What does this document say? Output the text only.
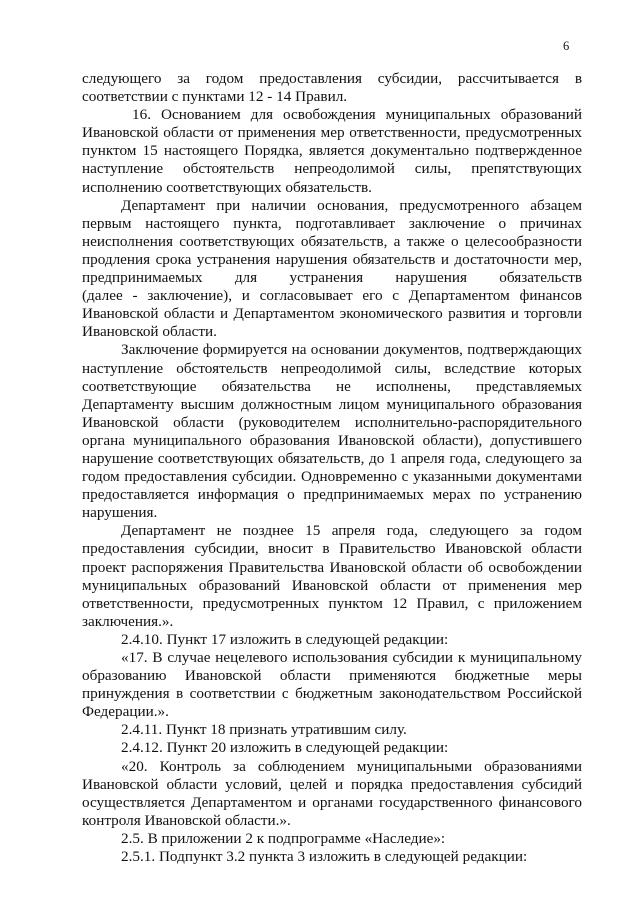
6
следующего за годом предоставления субсидии, рассчитывается в
соответствии с пунктами 12 - 14 Правил.
16. Основанием для освобождения муниципальных образований
Ивановской области от применения мер ответственности, предусмотренных
пунктом 15 настоящего Порядка, является документально подтвержденное
наступление обстоятельств непреодолимой силы, препятствующих
исполнению соответствующих обязательств.
Департамент при наличии основания, предусмотренного абзацем
первым настоящего пункта, подготавливает заключение о причинах
неисполнения соответствующих обязательств, а также о целесообразности
продления срока устранения нарушения обязательств и достаточности мер,
предпринимаемых для устранения нарушения обязательств
(далее - заключение), и согласовывает его с Департаментом финансов
Ивановской области и Департаментом экономического развития и торговли
Ивановской области.
Заключение формируется на основании документов, подтверждающих
наступление обстоятельств непреодолимой силы, вследствие которых
соответствующие обязательства не исполнены, представляемых
Департаменту высшим должностным лицом муниципального образования
Ивановской области (руководителем исполнительно-распорядительного
органа муниципального образования Ивановской области), допустившего
нарушение соответствующих обязательств, до 1 апреля года, следующего за
годом предоставления субсидии. Одновременно с указанными документами
предоставляется информация о предпринимаемых мерах по устранению
нарушения.
Департамент не позднее 15 апреля года, следующего за годом
предоставления субсидии, вносит в Правительство Ивановской области
проект распоряжения Правительства Ивановской области об освобождении
муниципальных образований Ивановской области от применения мер
ответственности, предусмотренных пунктом 12 Правил, с приложением
заключения.».
2.4.10. Пункт 17 изложить в следующей редакции:
«17. В случае нецелевого использования субсидии к муниципальному
образованию Ивановской области применяются бюджетные меры
принуждения в соответствии с бюджетным законодательством Российской
Федерации.».
2.4.11. Пункт 18 признать утратившим силу.
2.4.12. Пункт 20 изложить в следующей редакции:
«20. Контроль за соблюдением муниципальными образованиями
Ивановской области условий, целей и порядка предоставления субсидий
осуществляется Департаментом и органами государственного финансового
контроля Ивановской области.».
2.5. В приложении 2 к подпрограмме «Наследие»:
2.5.1. Подпункт 3.2 пункта 3 изложить в следующей редакции:
